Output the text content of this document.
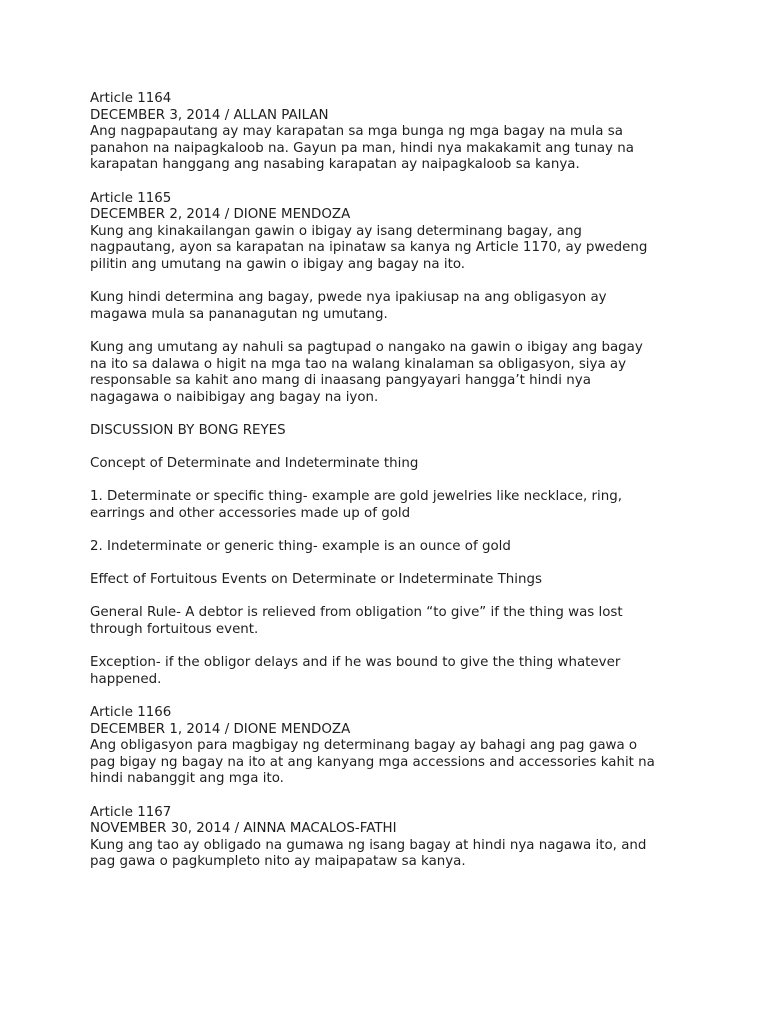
Article 1164
DECEMBER 3, 2014 / ALLAN PAILAN
Ang nagpapautang ay may karapatan sa mga bunga ng mga bagay na mula sa
panahon na naipagkaloob na. Gayun pa man, hindi nya makakamit ang tunay na
karapatan hanggang ang nasabing karapatan ay naipagkaloob sa kanya.
Article 1165
DECEMBER 2, 2014 / DIONE MENDOZA
Kung ang kinakailangan gawin o ibigay ay isang determinang bagay, ang
nagpautang, ayon sa karapatan na ipinataw sa kanya ng Article 1170, ay pwedeng
pilitin ang umutang na gawin o ibigay ang bagay na ito.
Kung hindi determina ang bagay, pwede nya ipakiusap na ang obligasyon ay
magawa mula sa pananagutan ng umutang.
Kung ang umutang ay nahuli sa pagtupad o nangako na gawin o ibigay ang bagay
na ito sa dalawa o higit na mga tao na walang kinalaman sa obligasyon, siya ay
responsable sa kahit ano mang di inaasang pangyayari hangga’t hindi nya
nagagawa o naibibigay ang bagay na iyon.
DISCUSSION BY BONG REYES
Concept of Determinate and Indeterminate thing
1. Determinate or specific thing- example are gold jewelries like necklace, ring,
earrings and other accessories made up of gold
2. Indeterminate or generic thing- example is an ounce of gold
Effect of Fortuitous Events on Determinate or Indeterminate Things
General Rule- A debtor is relieved from obligation “to give” if the thing was lost
through fortuitous event.
Exception- if the obligor delays and if he was bound to give the thing whatever
happened.
Article 1166
DECEMBER 1, 2014 / DIONE MENDOZA
Ang obligasyon para magbigay ng determinang bagay ay bahagi ang pag gawa o
pag bigay ng bagay na ito at ang kanyang mga accessions and accessories kahit na
hindi nabanggit ang mga ito.
Article 1167
NOVEMBER 30, 2014 / AINNA MACALOS-FATHI
Kung ang tao ay obligado na gumawa ng isang bagay at hindi nya nagawa ito, and
pag gawa o pagkumpleto nito ay maipapataw sa kanya.
